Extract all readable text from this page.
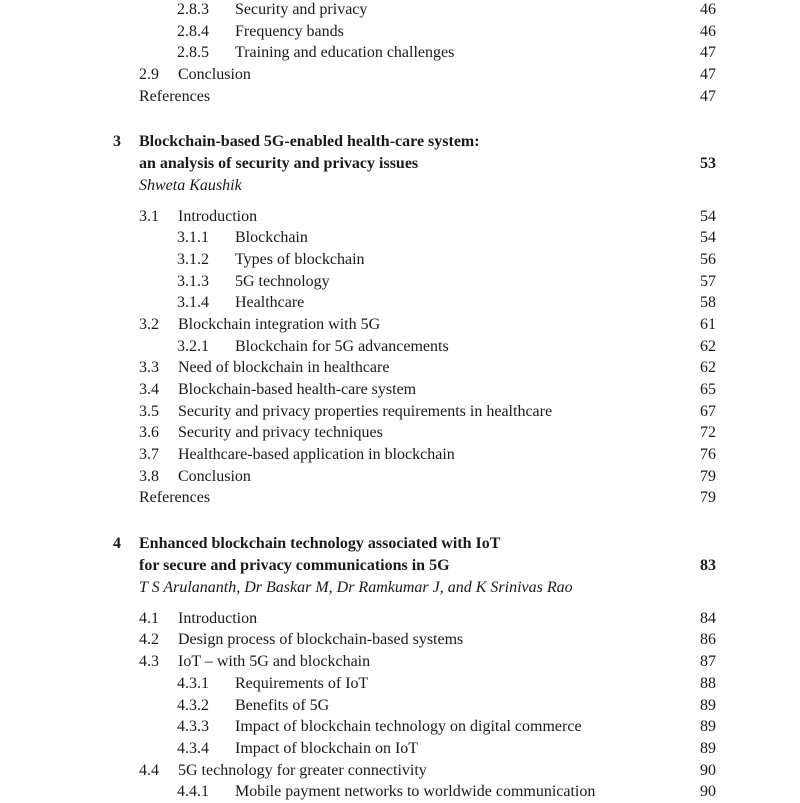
2.8.3 Security and privacy	46
2.8.4 Frequency bands	46
2.8.5 Training and education challenges	47
2.9 Conclusion	47
References	47
3 Blockchain-based 5G-enabled health-care system:
an analysis of security and privacy issues	53
Shweta Kaushik
3.1 Introduction	54
3.1.1 Blockchain	54
3.1.2 Types of blockchain	56
3.1.3 5G technology	57
3.1.4 Healthcare	58
3.2 Blockchain integration with 5G	61
3.2.1 Blockchain for 5G advancements	62
3.3 Need of blockchain in healthcare	62
3.4 Blockchain-based health-care system	65
3.5 Security and privacy properties requirements in healthcare	67
3.6 Security and privacy techniques	72
3.7 Healthcare-based application in blockchain	76
3.8 Conclusion	79
References	79
4 Enhanced blockchain technology associated with IoT
for secure and privacy communications in 5G	83
T S Arulananth, Dr Baskar M, Dr Ramkumar J, and K Srinivas Rao
4.1 Introduction	84
4.2 Design process of blockchain-based systems	86
4.3 IoT – with 5G and blockchain	87
4.3.1 Requirements of IoT	88
4.3.2 Benefits of 5G	89
4.3.3 Impact of blockchain technology on digital commerce	89
4.3.4 Impact of blockchain on IoT	89
4.4 5G technology for greater connectivity	90
4.4.1 Mobile payment networks to worldwide communication	90
